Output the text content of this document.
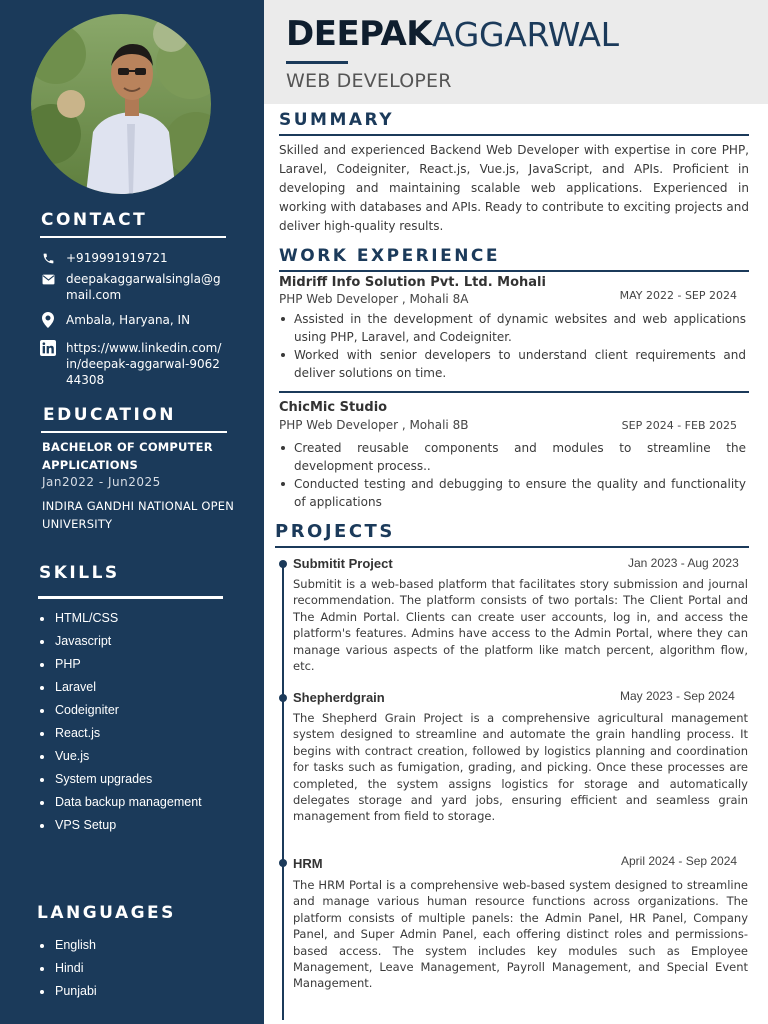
CONTACT
+919991919721
deepakaggarwalsingla@gmail.com
Ambala, Haryana, IN
https://www.linkedin.com/in/deepak-aggarwal-906244308
EDUCATION
BACHELOR OF COMPUTER APPLICATIONS
Jan2022 - Jun2025
INDIRA GANDHI NATIONAL OPEN UNIVERSITY
SKILLS
HTML/CSS
Javascript
PHP
Laravel
Codeigniter
React.js
Vue.js
System upgrades
Data backup management
VPS Setup
LANGUAGES
English
Hindi
Punjabi
DEEPAK AGGARWAL
WEB DEVELOPER
SUMMARY
Skilled and experienced Backend Web Developer with expertise in core PHP, Laravel, Codeigniter, React.js, Vue.js, JavaScript, and APIs. Proficient in developing and maintaining scalable web applications. Experienced in working with databases and APIs. Ready to contribute to exciting projects and deliver high-quality results.
WORK EXPERIENCE
Midriff Info Solution Pvt. Ltd. Mohali
PHP Web Developer , Mohali 8A	MAY 2022 - SEP 2024
Assisted in the development of dynamic websites and web applications using PHP, Laravel, and Codeigniter.
Worked with senior developers to understand client requirements and deliver solutions on time.
ChicMic Studio
PHP Web Developer , Mohali 8B	SEP 2024 - FEB 2025
Created reusable components and modules to streamline the development process..
Conducted testing and debugging to ensure the quality and functionality of applications
PROJECTS
Submitit Project	Jan 2023 - Aug 2023
Submitit is a web-based platform that facilitates story submission and journal recommendation. The platform consists of two portals: The Client Portal and The Admin Portal. Clients can create user accounts, log in, and access the platform's features. Admins have access to the Admin Portal, where they can manage various aspects of the platform like match percent, algorithm flow, etc.
Shepherdgrain	May 2023 - Sep 2024
The Shepherd Grain Project is a comprehensive agricultural management system designed to streamline and automate the grain handling process. It begins with contract creation, followed by logistics planning and coordination for tasks such as fumigation, grading, and picking. Once these processes are completed, the system assigns logistics for storage and automatically delegates storage and yard jobs, ensuring efficient and seamless grain management from field to storage.
HRM	April 2024 - Sep 2024
The HRM Portal is a comprehensive web-based system designed to streamline and manage various human resource functions across organizations. The platform consists of multiple panels: the Admin Panel, HR Panel, Company Panel, and Super Admin Panel, each offering distinct roles and permissions-based access. The system includes key modules such as Employee Management, Leave Management, Payroll Management, and Special Event Management.
